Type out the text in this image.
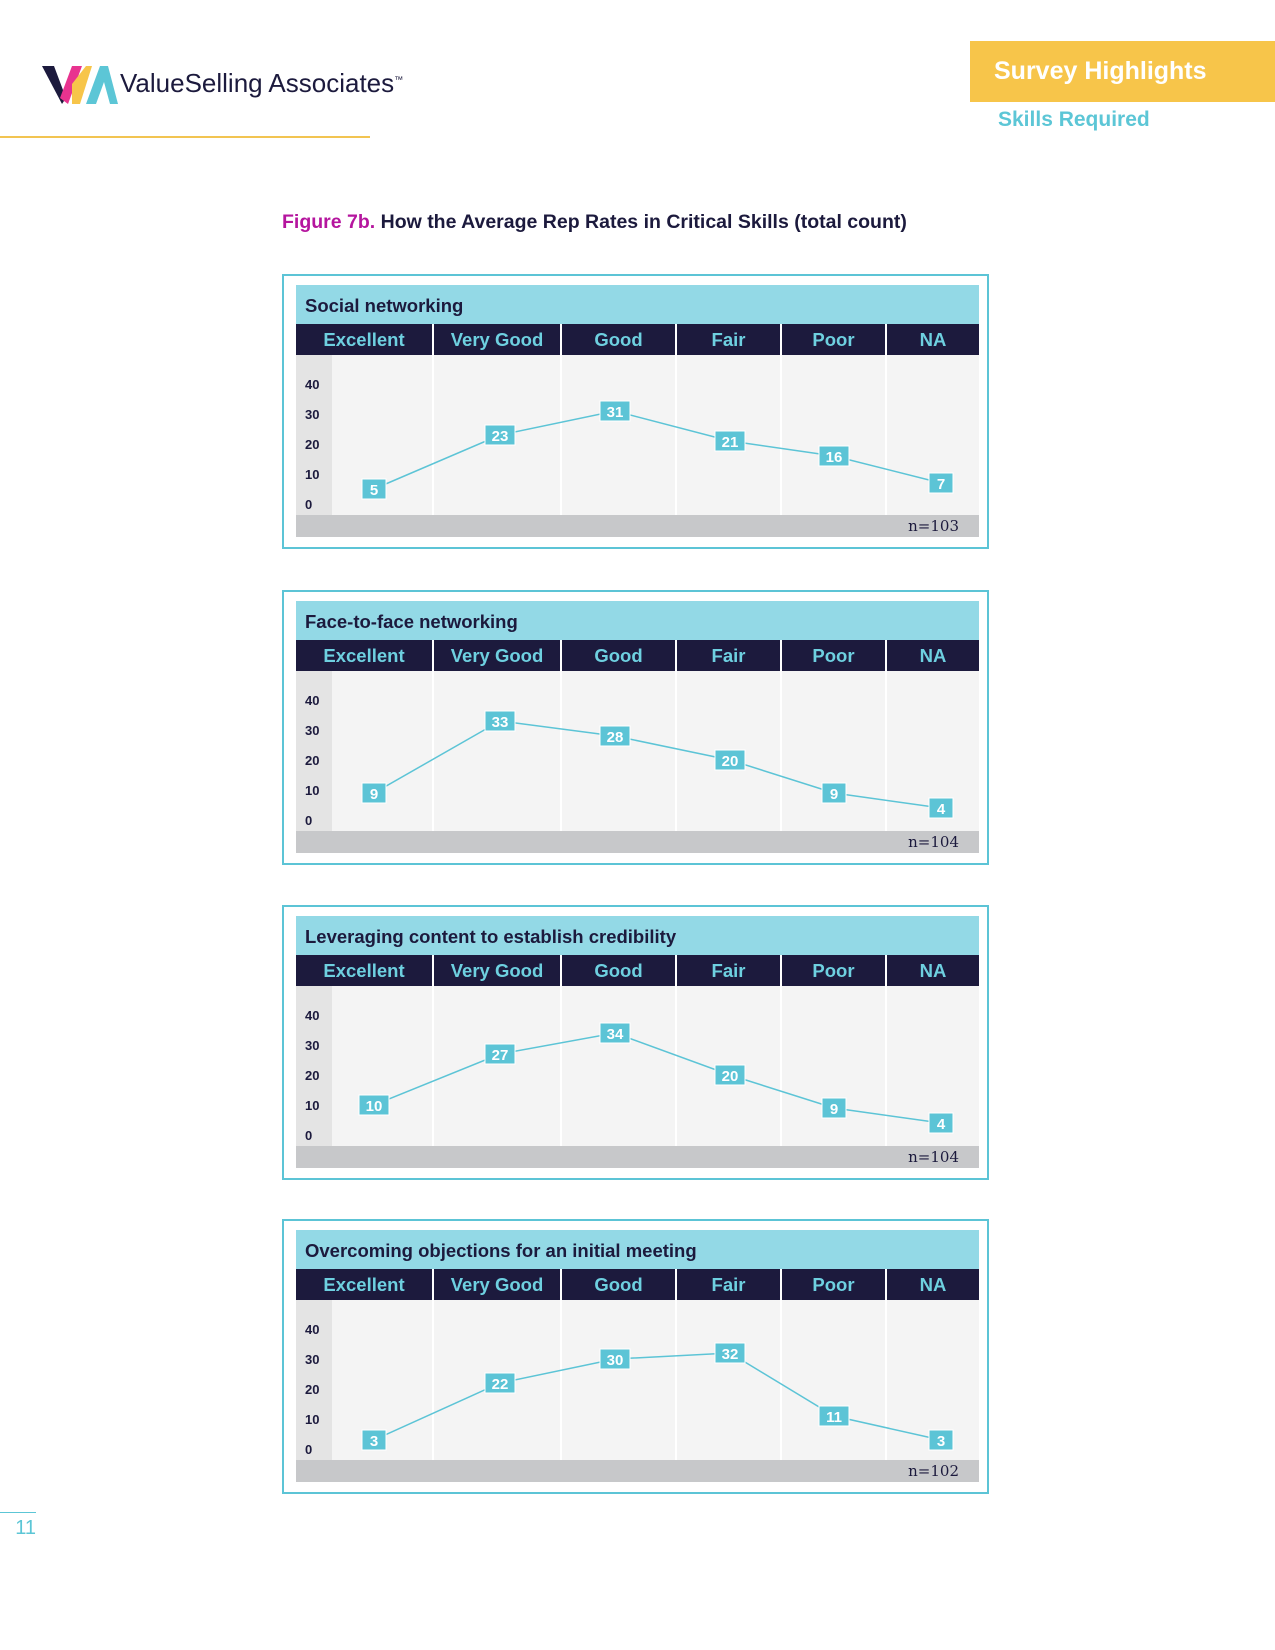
ValueSelling Associates™	Survey Highlights
Skills Required
Figure 7b. How the Average Rep Rates in Critical Skills (total count)
Social networking
Excellent	Very Good	Good	Fair	Poor	NA
0
10
20
30
40
5
23
31
21
16
7
n=103
Face-to-face networking
Excellent	Very Good	Good	Fair	Poor	NA
0
10
20
30
40
9
33
28
20
9
4
n=104
Leveraging content to establish credibility
Excellent	Very Good	Good	Fair	Poor	NA
0
10
20
30
40
10
27
34
20
9
4
n=104
Overcoming objections for an initial meeting
Excellent	Very Good	Good	Fair	Poor	NA
0
10
20
30
40
3
22
30	32
11
3
n=102
11
